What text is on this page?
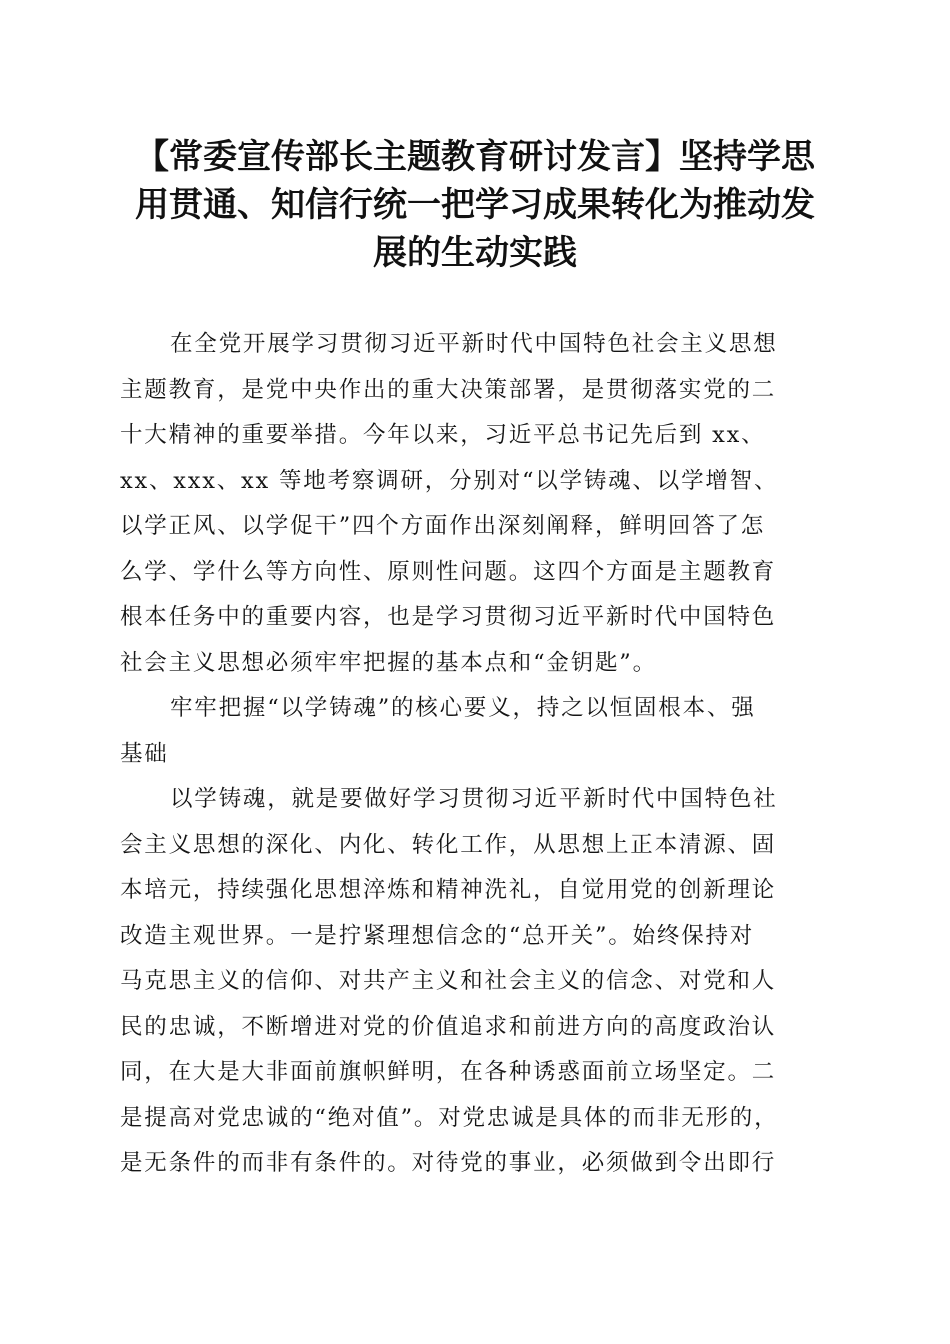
【常委宣传部长主题教育研讨发言】坚持学思
用贯通、知信行统一把学习成果转化为推动发
展的生动实践

在全党开展学习贯彻习近平新时代中国特色社会主义思想
主题教育，是党中央作出的重大决策部署，是贯彻落实党的二
十大精神的重要举措。今年以来，习近平总书记先后到 xx、
xx、xxx、xx 等地考察调研，分别对“以学铸魂、以学增智、
以学正风、以学促干”四个方面作出深刻阐释，鲜明回答了怎
么学、学什么等方向性、原则性问题。这四个方面是主题教育
根本任务中的重要内容，也是学习贯彻习近平新时代中国特色
社会主义思想必须牢牢把握的基本点和“金钥匙”。

牢牢把握“以学铸魂”的核心要义，持之以恒固根本、强
基础

以学铸魂，就是要做好学习贯彻习近平新时代中国特色社
会主义思想的深化、内化、转化工作，从思想上正本清源、固
本培元，持续强化思想淬炼和精神洗礼，自觉用党的创新理论
改造主观世界。一是拧紧理想信念的“总开关”。始终保持对
马克思主义的信仰、对共产主义和社会主义的信念、对党和人
民的忠诚，不断增进对党的价值追求和前进方向的高度政治认
同，在大是大非面前旗帜鲜明，在各种诱惑面前立场坚定。二
是提高对党忠诚的“绝对值”。对党忠诚是具体的而非无形的，
是无条件的而非有条件的。对待党的事业，必须做到令出即行
